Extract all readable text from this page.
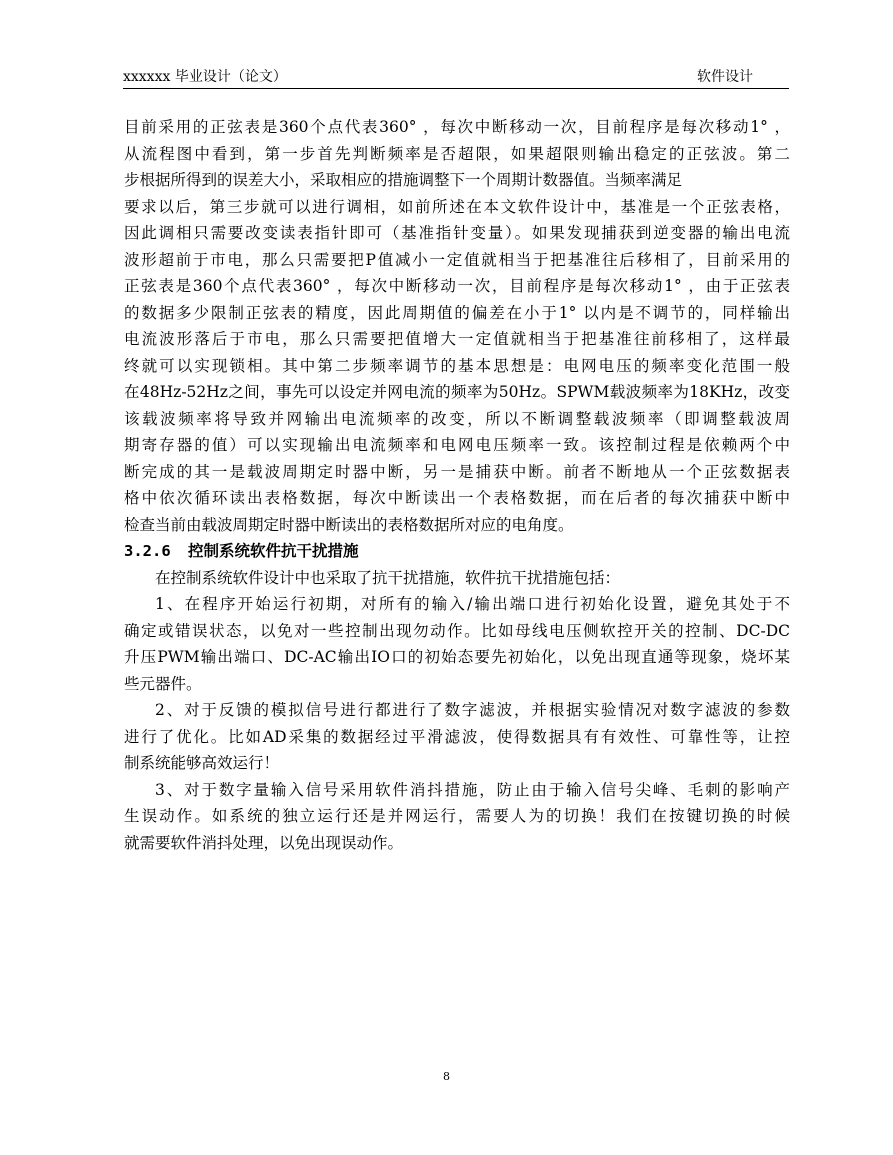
xxxxxx 毕业设计（论文）	软件设计
目前采用的正弦表是360个点代表360° ，每次中断移动一次，目前程序是每次移动1° ，
从流程图中看到，第一步首先判断频率是否超限，如果超限则输出稳定的正弦波。第二
步根据所得到的误差大小，采取相应的措施调整下一个周期计数器值。当频率满足
要求以后，第三步就可以进行调相，如前所述在本文软件设计中，基准是一个正弦表格，
因此调相只需要改变读表指针即可（基准指针变量）。如果发现捕获到逆变器的输出电流
波形超前于市电，那么只需要把P值减小一定值就相当于把基准往后移相了，目前采用的
正弦表是360个点代表360° ，每次中断移动一次，目前程序是每次移动1° ，由于正弦表
的数据多少限制正弦表的精度，因此周期值的偏差在小于1° 以内是不调节的，同样输出
电流波形落后于市电，那么只需要把值增大一定值就相当于把基准往前移相了，这样最
终就可以实现锁相。其中第二步频率调节的基本思想是：电网电压的频率变化范围一般
在48Hz-52Hz之间，事先可以设定并网电流的频率为50Hz。SPWM载波频率为18KHz，改变
该载波频率将导致并网输出电流频率的改变，所以不断调整载波频率（即调整载波周
期寄存器的值）可以实现输出电流频率和电网电压频率一致。该控制过程是依赖两个中
断完成的其一是载波周期定时器中断，另一是捕获中断。前者不断地从一个正弦数据表
格中依次循环读出表格数据，每次中断读出一个表格数据，而在后者的每次捕获中断中
检查当前由载波周期定时器中断读出的表格数据所对应的电角度。
3.2.6 控制系统软件抗干扰措施
在控制系统软件设计中也采取了抗干扰措施，软件抗干扰措施包括：
1、在程序开始运行初期，对所有的输入/输出端口进行初始化设置，避免其处于不
确定或错误状态，以免对一些控制出现勿动作。比如母线电压侧软控开关的控制、DC-DC
升压PWM输出端口、DC-AC输出IO口的初始态要先初始化，以免出现直通等现象，烧坏某
些元器件。
2、对于反馈的模拟信号进行都进行了数字滤波，并根据实验情况对数字滤波的参数
进行了优化。比如AD采集的数据经过平滑滤波，使得数据具有有效性、可靠性等，让控
制系统能够高效运行！
3、对于数字量输入信号采用软件消抖措施，防止由于输入信号尖峰、毛刺的影响产
生误动作。如系统的独立运行还是并网运行，需要人为的切换！我们在按键切换的时候
就需要软件消抖处理，以免出现误动作。
8
